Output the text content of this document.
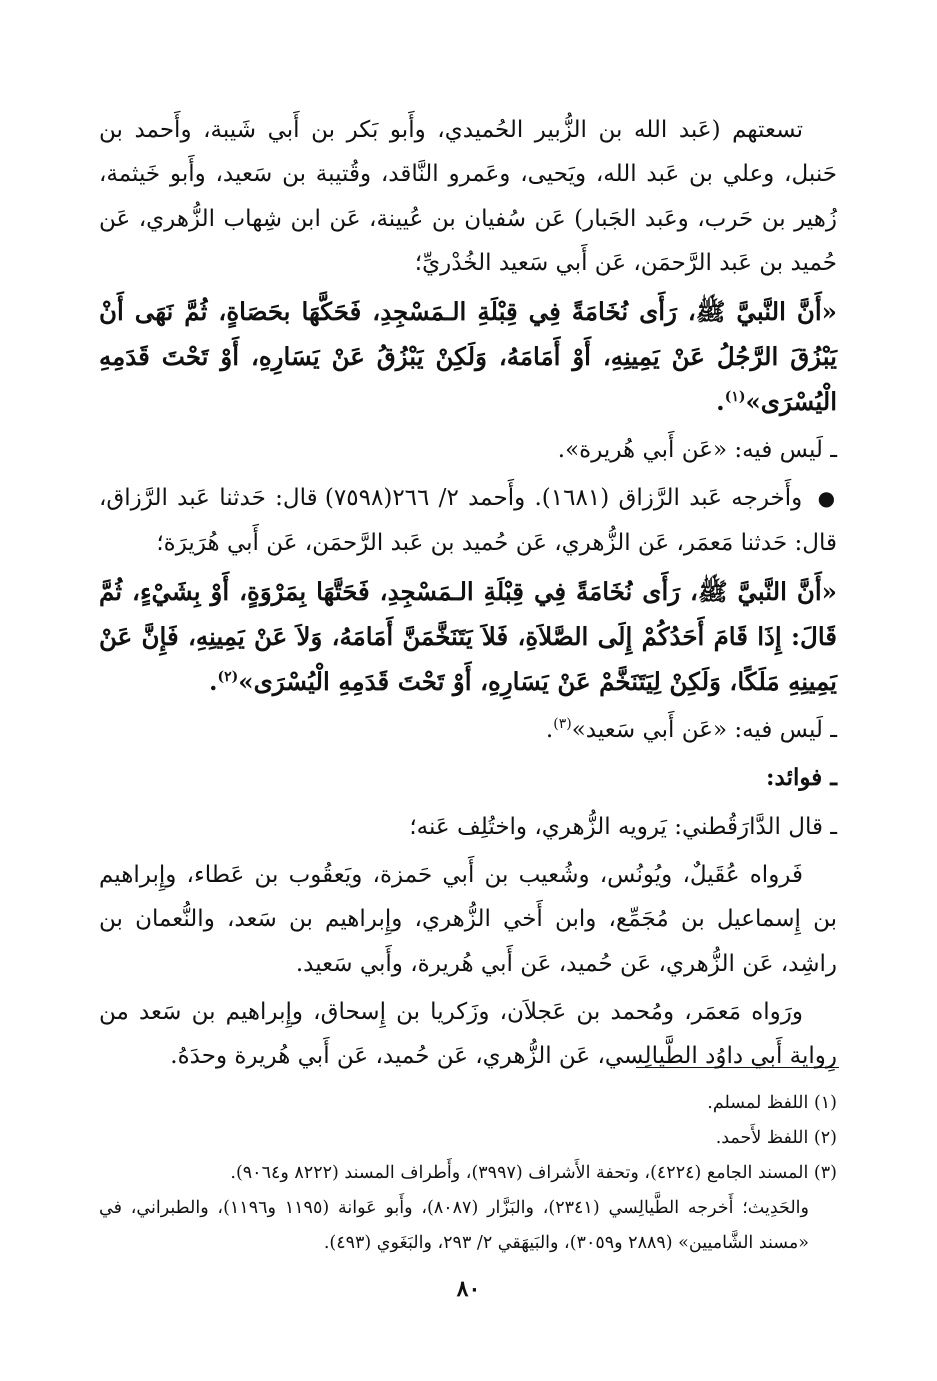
تسعتهم (عَبد الله بن الزُّبير الحُميدي، وأَبو بَكر بن أَبي شَيبة، وأَحمد بن حَنبل، وعلي بن عَبد الله، ويَحيى، وعَمرو النَّاقد، وقُتيبة بن سَعيد، وأَبو خَيثمة، زُهير بن حَرب، وعَبد الجَبار) عَن سُفيان بن عُيينة، عَن ابن شِهاب الزُّهري، عَن حُميد بن عَبد الرَّحمَن، عَن أَبي سَعيد الخُدْريِّ؛

«أَنَّ النَّبيَّ ﷺ، رَأَى نُخَامَةً فِي قِبْلَةِ الـمَسْجِدِ، فَحَكَّهَا بحَصَاةٍ، ثُمَّ نَهَى أَنْ يَبْزُقَ الرَّجُلُ عَنْ يَمِينِهِ، أَوْ أَمَامَهُ، وَلَكِنْ يَبْزُقُ عَنْ يَسَارِهِ، أَوْ تَحْتَ قَدَمِهِ الْيُسْرَى»$^{(١)}$.

ـ لَيس فيه: «عَن أَبي هُريرة».

● وأَخرجه عَبد الرَّزاق (١٦٨١). وأَحمد ٢/ ٢٦٦(٧٥٩٨) قال: حَدثنا عَبد الرَّزاق، قال: حَدثنا مَعمَر، عَن الزُّهري، عَن حُميد بن عَبد الرَّحمَن، عَن أَبي هُرَيرَة؛

«أَنَّ النَّبيَّ ﷺ، رَأَى نُخَامَةً فِي قِبْلَةِ الـمَسْجِدِ، فَحَتَّهَا بِمَرْوَةٍ، أَوْ بِشَيْءٍ، ثُمَّ قَالَ: إِذَا قَامَ أَحَدُكُمْ إِلَى الصَّلاَةِ، فَلاَ يَتَنَخَّمَنَّ أَمَامَهُ، وَلاَ عَنْ يَمِينِهِ، فَإِنَّ عَنْ يَمِينِهِ مَلَكًا، وَلَكِنْ لِيَتَنَخَّمْ عَنْ يَسَارِهِ، أَوْ تَحْتَ قَدَمِهِ الْيُسْرَى»$^{(٢)}$.

ـ لَيس فيه: «عَن أَبي سَعيد»$^{(٣)}$.

ـ فوائد:

ـ قال الدَّارَقُطني: يَرويه الزُّهري، واختُلِف عَنه؛

فَرواه عُقَيلٌ، ويُونُس، وشُعيب بن أَبي حَمزة، ويَعقُوب بن عَطاء، وإِبراهيم بن إِسماعيل بن مُجَمِّع، وابن أَخي الزُّهري، وإِبراهيم بن سَعد، والنُّعمان بن راشِد، عَن الزُّهري، عَن حُميد، عَن أَبي هُريرة، وأَبي سَعيد.

ورَواه مَعمَر، ومُحمد بن عَجلاَن، وزَكريا بن إِسحاق، وإِبراهيم بن سَعد من رِواية أَبي داوُد الطَّيالِسي، عَن الزُّهري، عَن حُميد، عَن أَبي هُريرة وحدَهُ.

(١) اللفظ لمسلم.

(٢) اللفظ لأَحمد.

(٣) المسند الجامع (٤٢٢٤)، وتحفة الأَشراف (٣٩٩٧)، وأَطراف المسند (٨٢٢٢ و٩٠٦٤).

والحَدِيث؛ أَخرجه الطَّيالِسي (٢٣٤١)، والبَزَّار (٨٠٨٧)، وأَبو عَوانة (١١٩٥ و١١٩٦)، والطبراني، في «مسند الشَّاميين» (٢٨٨٩ و٣٠٥٩)، والبَيهَقي ٢/ ٢٩٣، والبَغَوي (٤٩٣).

٨٠
